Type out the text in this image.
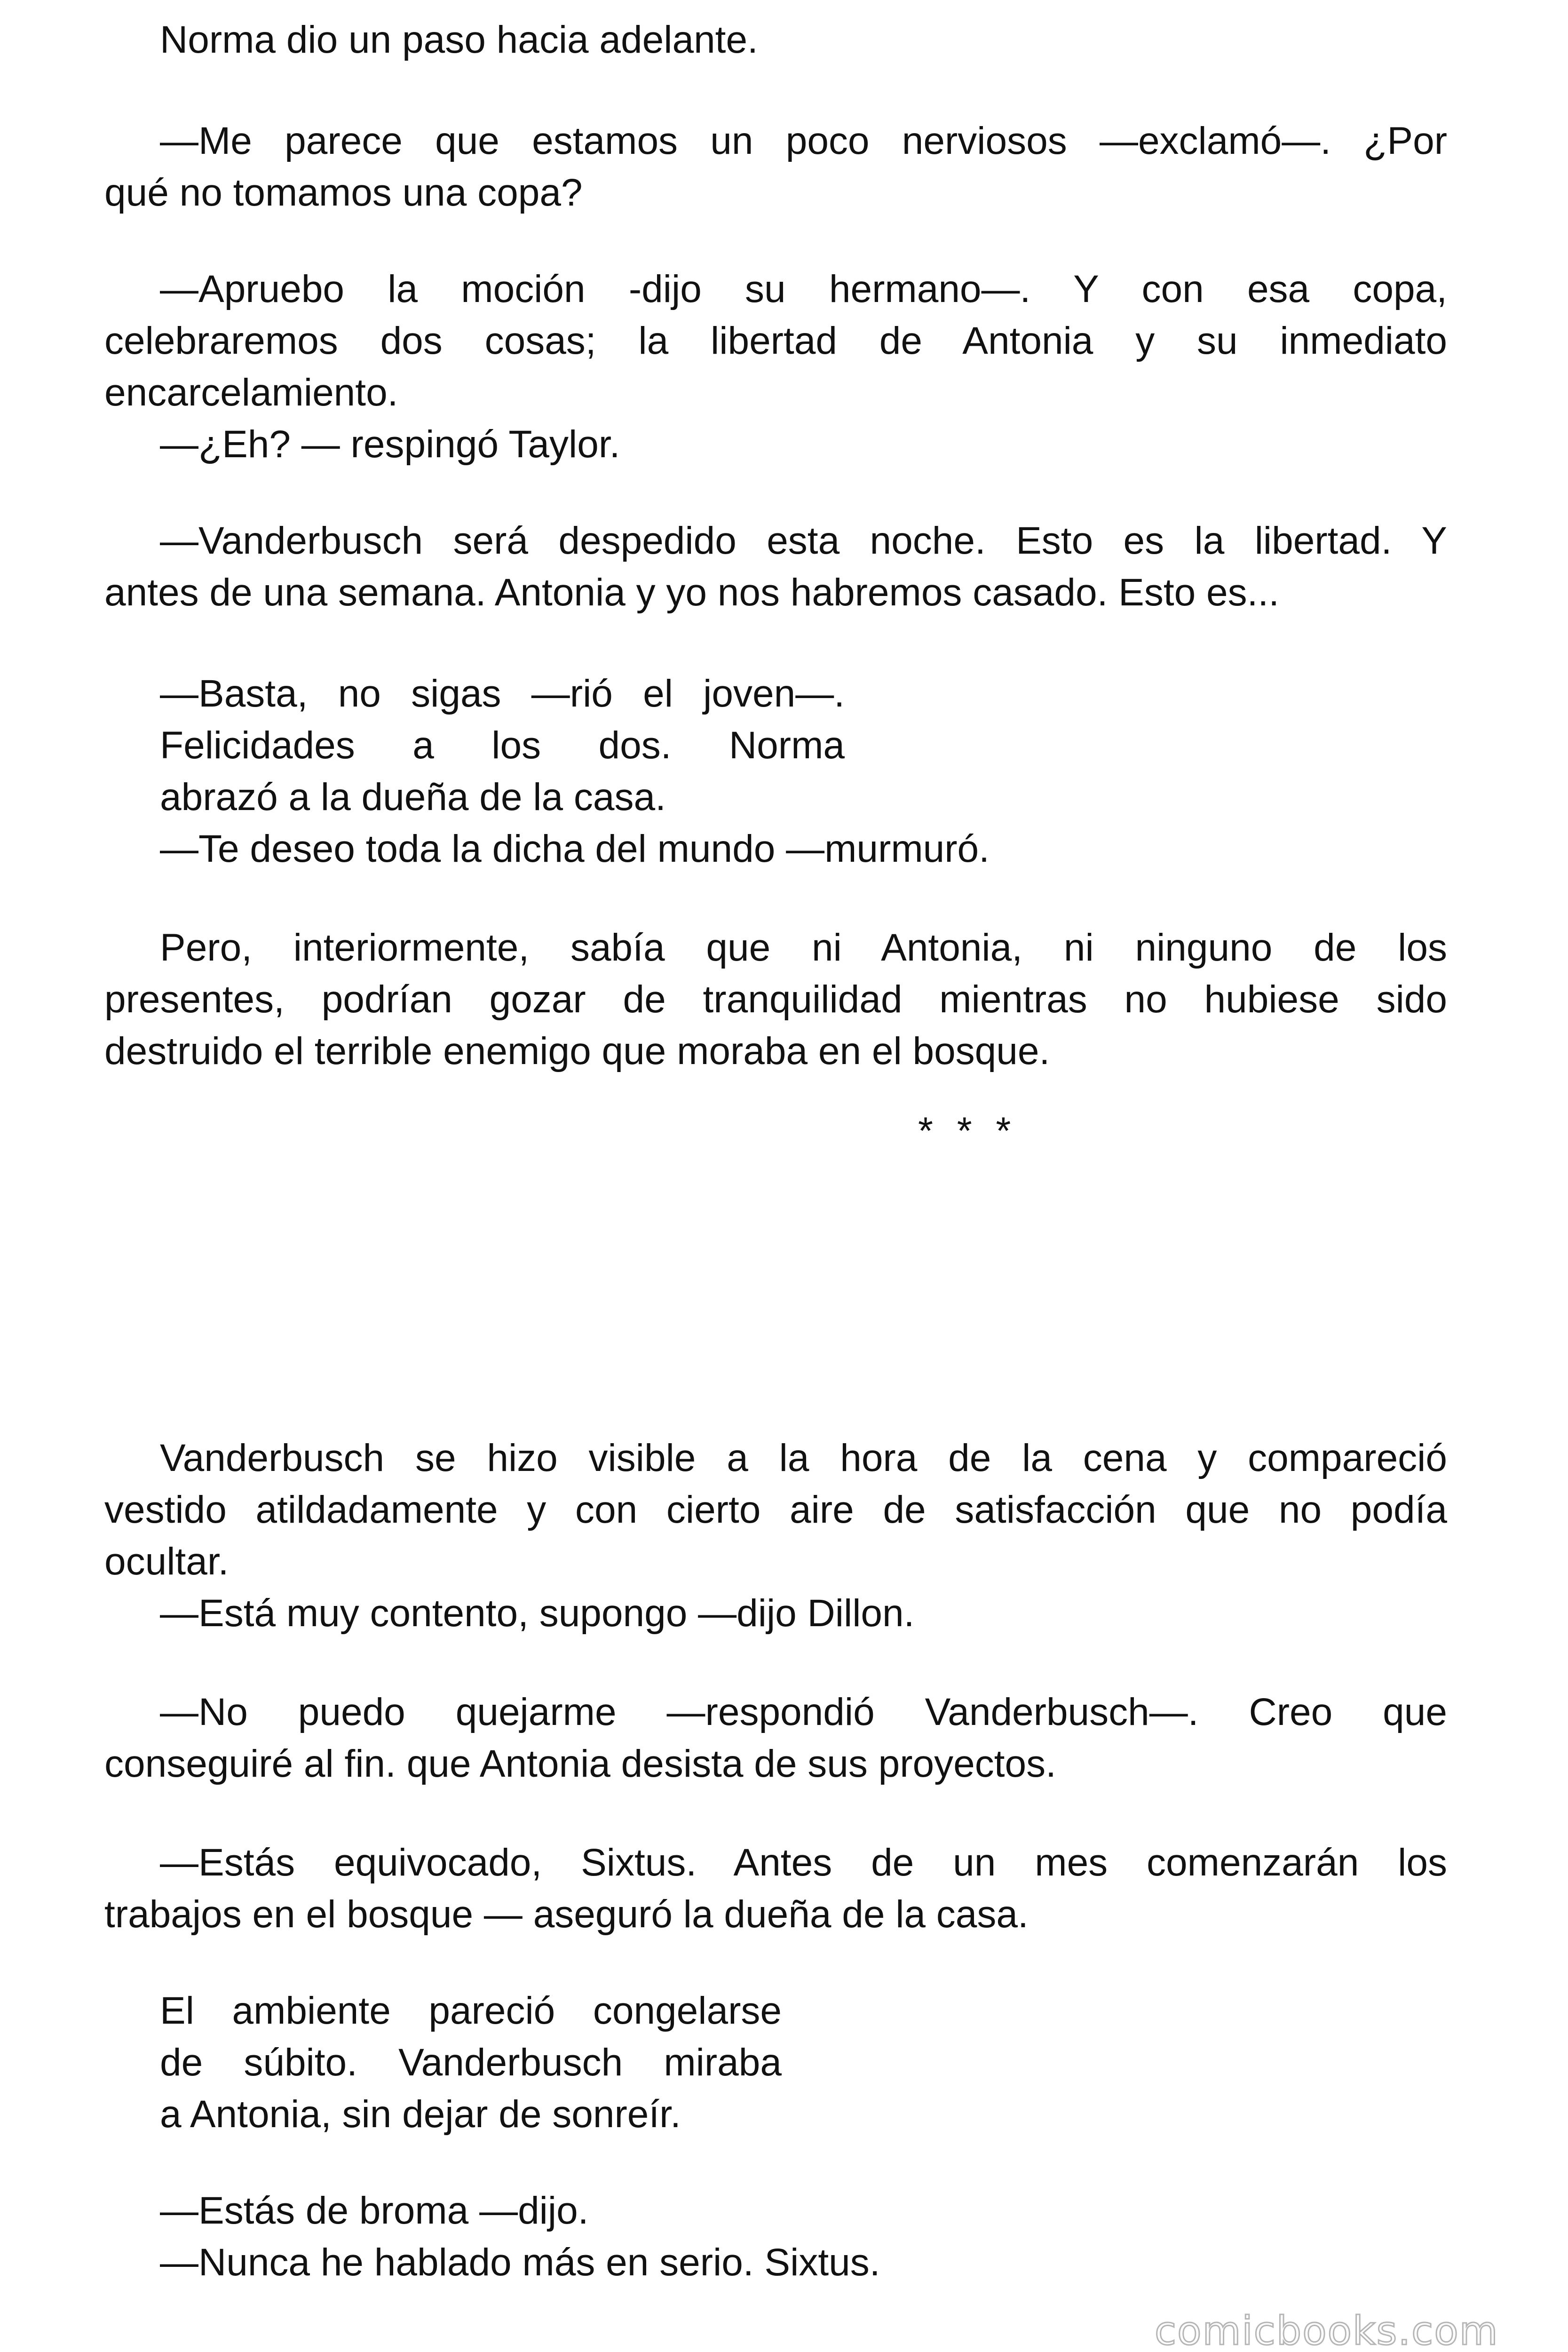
Norma dio un paso hacia adelante.

—Me parece que estamos un poco nerviosos —exclamó—. ¿Por

qué no tomamos una copa?

—Apruebo la moción -dijo su hermano—. Y con esa copa,

celebraremos dos cosas; la libertad de Antonia y su inmediato

encarcelamiento.

—¿Eh? — respingó Taylor.

—Vanderbusch será despedido esta noche. Esto es la libertad. Y

antes de una semana. Antonia y yo nos habremos casado. Esto es...

—Basta, no sigas —rió el joven—.

Felicidades a los dos. Norma

abrazó a la dueña de la casa.

—Te deseo toda la dicha del mundo —murmuró.

Pero, interiormente, sabía que ni Antonia, ni ninguno de los

presentes, podrían gozar de tranquilidad mientras no hubiese sido

destruido el terrible enemigo que moraba en el bosque.

* * *

Vanderbusch se hizo visible a la hora de la cena y compareció

vestido atildadamente y con cierto aire de satisfacción que no podía

ocultar.

—Está muy contento, supongo —dijo Dillon.

—No puedo quejarme —respondió Vanderbusch—. Creo que

conseguiré al fin. que Antonia desista de sus proyectos.

—Estás equivocado, Sixtus. Antes de un mes comenzarán los

trabajos en el bosque — aseguró la dueña de la casa.

El ambiente pareció congelarse

de súbito. Vanderbusch miraba

a Antonia, sin dejar de sonreír.

—Estás de broma —dijo.

—Nunca he hablado más en serio. Sixtus.

comicbooks.com
